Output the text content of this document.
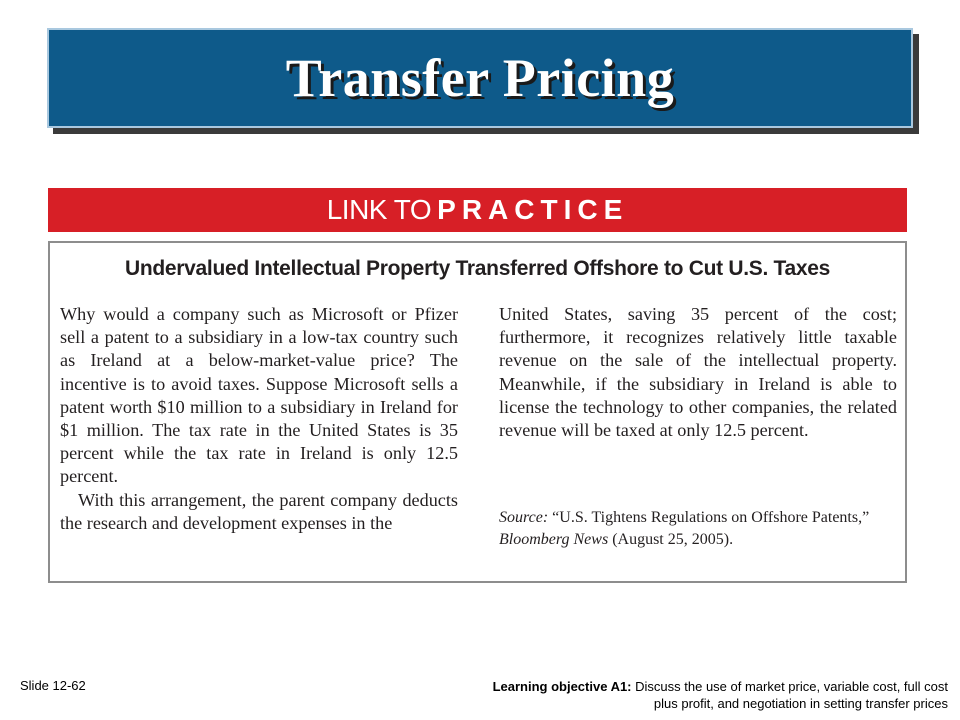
Transfer Pricing
LINK TO PRACTICE
Undervalued Intellectual Property Transferred Offshore to Cut U.S. Taxes

Why would a company such as Microsoft or Pfizer sell a patent to a subsidiary in a low-tax country such as Ireland at a below-market-value price? The incentive is to avoid taxes. Suppose Microsoft sells a patent worth $10 million to a subsidiary in Ireland for $1 million. The tax rate in the United States is 35 percent while the tax rate in Ireland is only 12.5 percent.

With this arrangement, the parent company deducts the research and development expenses in the

United States, saving 35 percent of the cost; furthermore, it recognizes relatively little taxable revenue on the sale of the intellectual property. Meanwhile, if the subsidiary in Ireland is able to license the technology to other companies, the related revenue will be taxed at only 12.5 percent.

Source: “U.S. Tightens Regulations on Offshore Patents,”
Bloomberg News (August 25, 2005).
Slide 12-62	Learning objective A1: Discuss the use of market price, variable cost, full cost plus profit, and negotiation in setting transfer prices
